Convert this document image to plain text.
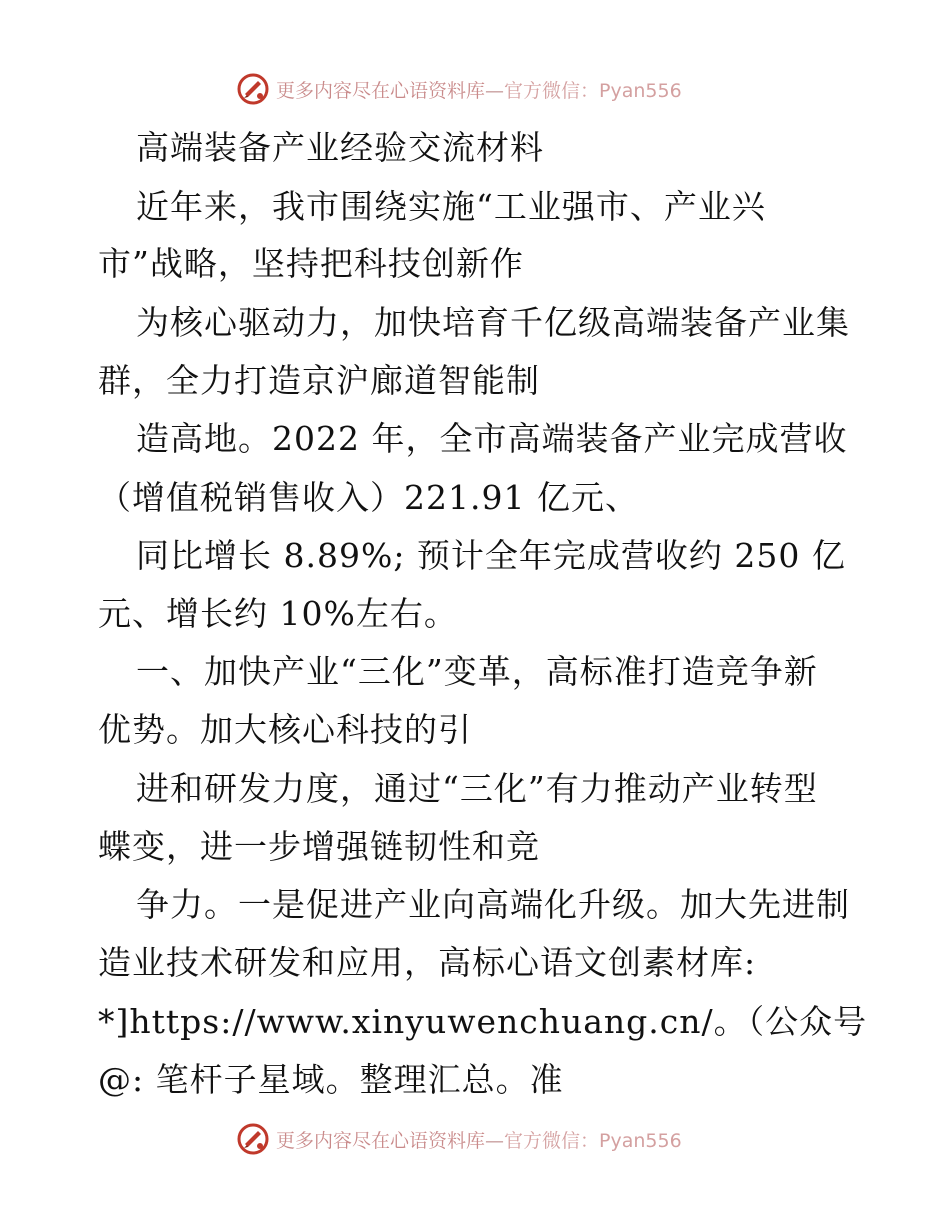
更多内容尽在心语资料库—官方微信：Pyan556
高端装备产业经验交流材料
近年来，我市围绕实施“工业强市、产业兴
市”战略，坚持把科技创新作
为核心驱动力，加快培育千亿级高端装备产业集
群，全力打造京沪廊道智能制
造高地。2022 年，全市高端装备产业完成营收
（增值税销售收入）221.91 亿元、
同比增长 8.89%; 预计全年完成营收约 250 亿
元、增长约 10%左右。
一、加快产业“三化”变革，高标准打造竞争新
优势。加大核心科技的引
进和研发力度，通过“三化”有力推动产业转型
蝶变，进一步增强链韧性和竞
争力。一是促进产业向高端化升级。加大先进制
造业技术研发和应用，高标心语文创素材库:
*]https://www.xinyuwenchuang.cn/。（公众号
@: 笔杆子星域。整理汇总。准
更多内容尽在心语资料库—官方微信：Pyan556
